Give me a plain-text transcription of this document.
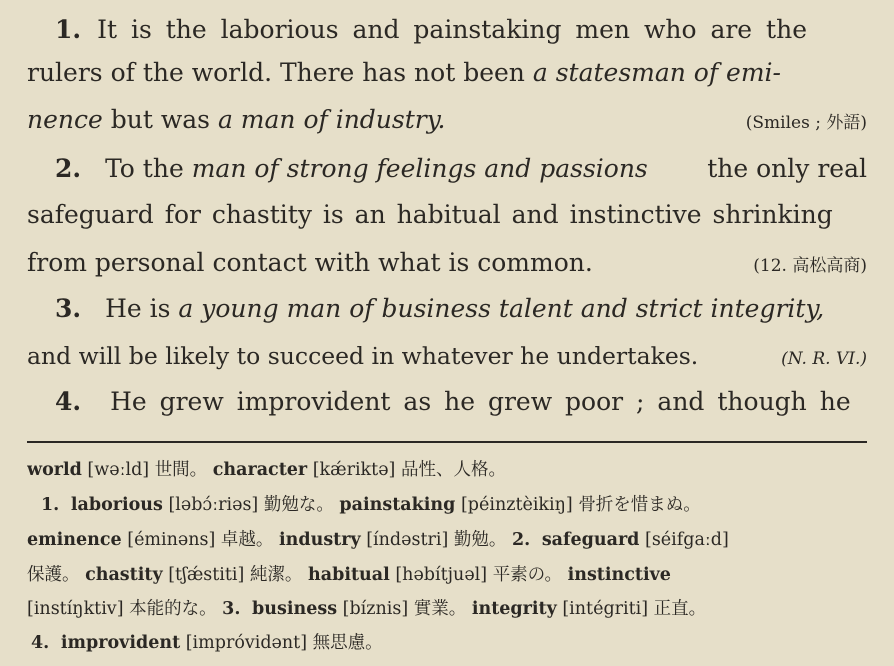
1. It is the laborious and painstaking men who are the
rulers of the world. There has not been
a statesman of emi-
nence but was a man of industry.	(Smiles ; 外語)
2. To the man of strong feelings and passions the only real
safeguard for chastity is an habitual and instinctive shrinking
from personal contact with what is common.	(12. 高松高商)
3. He is a young man of business talent and strict integrity,
and will be likely to succeed in whatever he undertakes.	(N. R. VI.)
4. He grew improvident as he grew poor ; and though he
world [wəːld] 世間。 character [kǽriktə] 品性、人格。
1. laborious [ləbɔ́ːriəs] 勤勉な。 painstaking [péinztèikiŋ] 骨折を惜まぬ。
eminence [éminəns] 卓越。 industry [índəstri] 勤勉。 2. safeguard [séifgaːd]
保護。 chastity [tʃǽstiti] 純潔。 habitual [həbítjuəl] 平素の。 instinctive
[instíŋktiv] 本能的な。 3. business [bíznis] 實業。 integrity [intégriti] 正直。
4. improvident [impróvidənt] 無思慮。
